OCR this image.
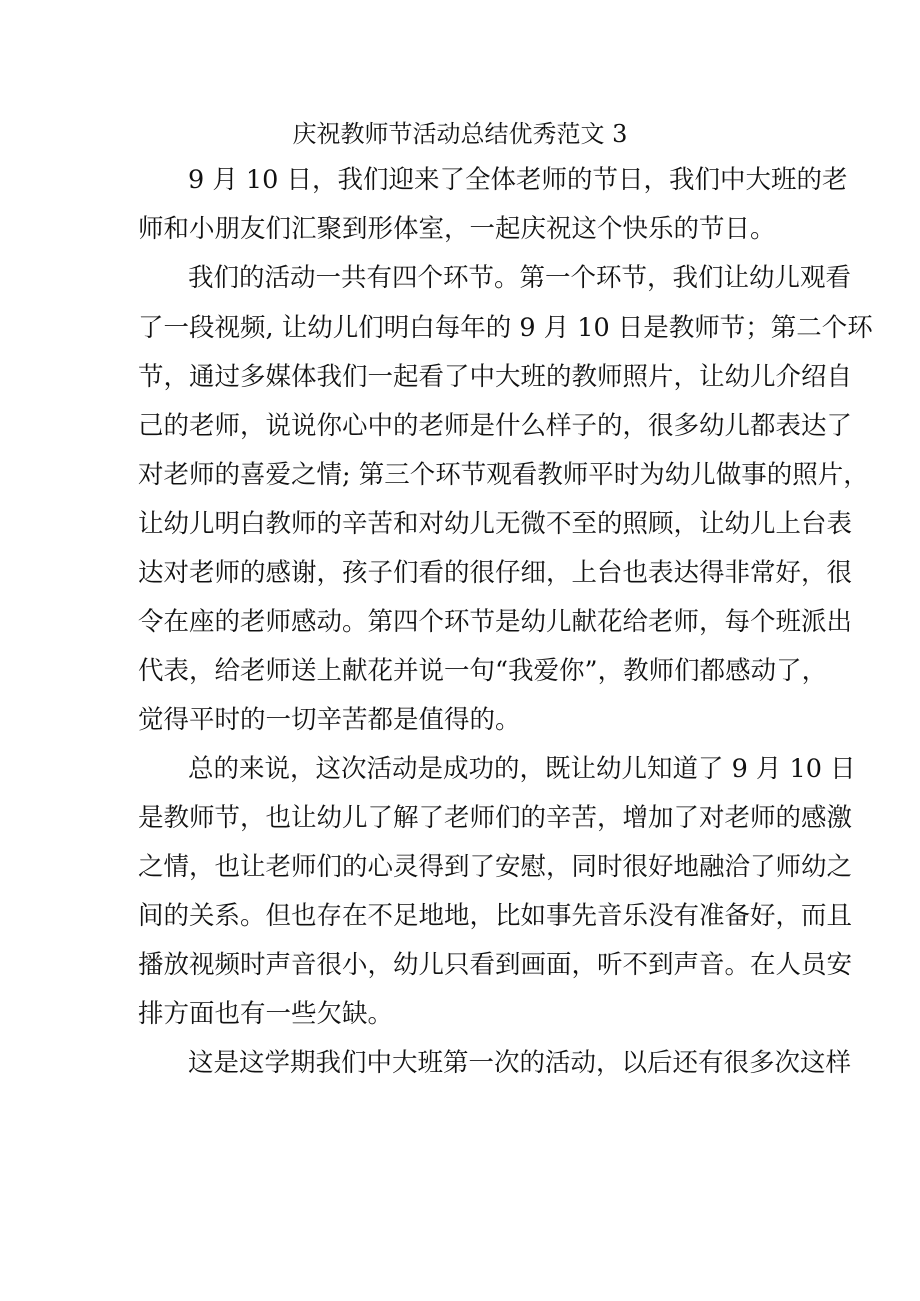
庆祝教师节活动总结优秀范文 3
9 月 10 日，我们迎来了全体老师的节日，我们中大班的老
师和小朋友们汇聚到形体室，一起庆祝这个快乐的节日。
我们的活动一共有四个环节。第一个环节，我们让幼儿观看
了一段视频, 让幼儿们明白每年的 9 月 10 日是教师节；第二个环
节，通过多媒体我们一起看了中大班的教师照片，让幼儿介绍自
己的老师，说说你心中的老师是什么样子的，很多幼儿都表达了
对老师的喜爱之情; 第三个环节观看教师平时为幼儿做事的照片，
让幼儿明白教师的辛苦和对幼儿无微不至的照顾，让幼儿上台表
达对老师的感谢，孩子们看的很仔细，上台也表达得非常好，很
令在座的老师感动。第四个环节是幼儿献花给老师，每个班派出
代表，给老师送上献花并说一句“我爱你”，教师们都感动了，
觉得平时的一切辛苦都是值得的。
总的来说，这次活动是成功的，既让幼儿知道了 9 月 10 日
是教师节，也让幼儿了解了老师们的辛苦，增加了对老师的感激
之情，也让老师们的心灵得到了安慰，同时很好地融洽了师幼之
间的关系。但也存在不足地地，比如事先音乐没有准备好，而且
播放视频时声音很小，幼儿只看到画面，听不到声音。在人员安
排方面也有一些欠缺。
这是这学期我们中大班第一次的活动，以后还有很多次这样
